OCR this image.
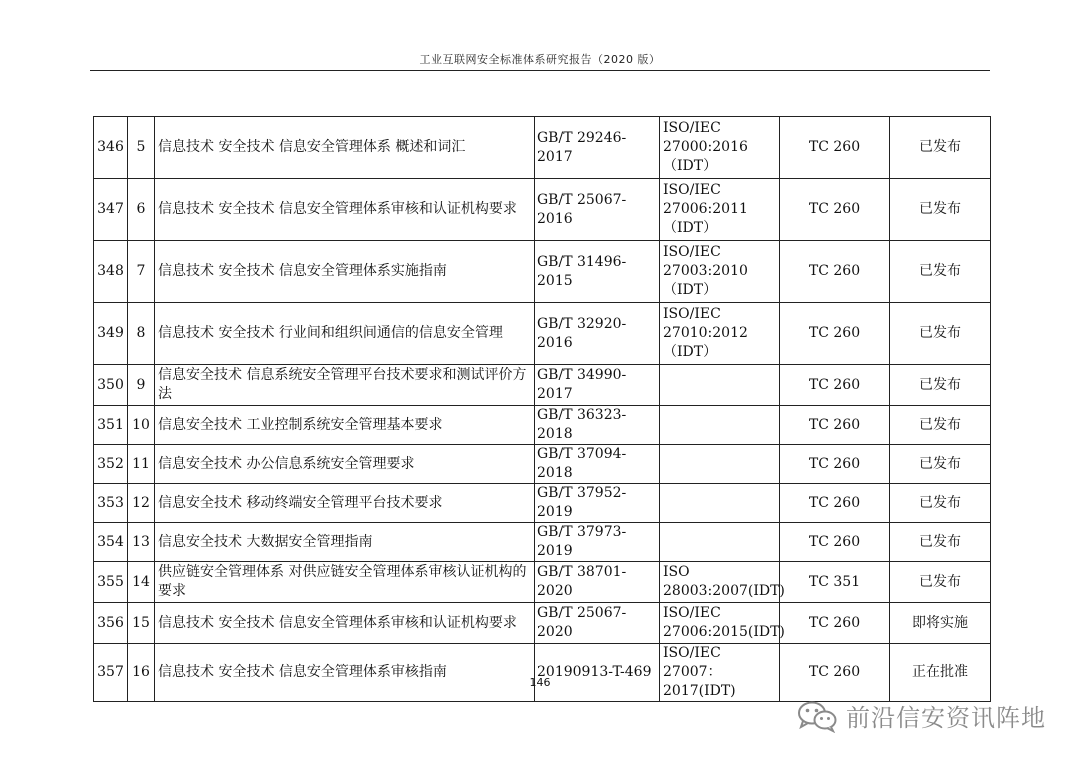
工业互联网安全标准体系研究报告（2020 版）
346	5	信息技术 安全技术 信息安全管理体系 概述和词汇	GB/T 29246-2017	ISO/IEC
27000:2016
（IDT）	TC 260	已发布
347	6	信息技术 安全技术 信息安全管理体系审核和认证机构要求	GB/T 25067-2016	ISO/IEC
27006:2011
（IDT）	TC 260	已发布
348	7	信息技术 安全技术 信息安全管理体系实施指南	GB/T 31496-2015	ISO/IEC
27003:2010
（IDT）	TC 260	已发布
349	8	信息技术 安全技术 行业间和组织间通信的信息安全管理	GB/T 32920-2016	ISO/IEC
27010:2012
（IDT）	TC 260	已发布
350	9	信息安全技术 信息系统安全管理平台技术要求和测试评价方法	GB/T 34990-2017		TC 260	已发布
351	10	信息安全技术 工业控制系统安全管理基本要求	GB/T 36323-2018		TC 260	已发布
352	11	信息安全技术 办公信息系统安全管理要求	GB/T 37094-2018		TC 260	已发布
353	12	信息安全技术 移动终端安全管理平台技术要求	GB/T 37952-2019		TC 260	已发布
354	13	信息安全技术 大数据安全管理指南	GB/T 37973-2019		TC 260	已发布
355	14	供应链安全管理体系 对供应链安全管理体系审核认证机构的要求	GB/T 38701-2020	ISO
28003:2007(IDT)	TC 351	已发布
356	15	信息技术 安全技术 信息安全管理体系审核和认证机构要求	GB/T 25067-2020	ISO/IEC
27006:2015(IDT)	TC 260	即将实施
357	16	信息技术 安全技术 信息安全管理体系审核指南	20190913-T-469	ISO/IEC 27007：
2017(IDT)	TC 260	正在批准
146
前沿信安资讯阵地
